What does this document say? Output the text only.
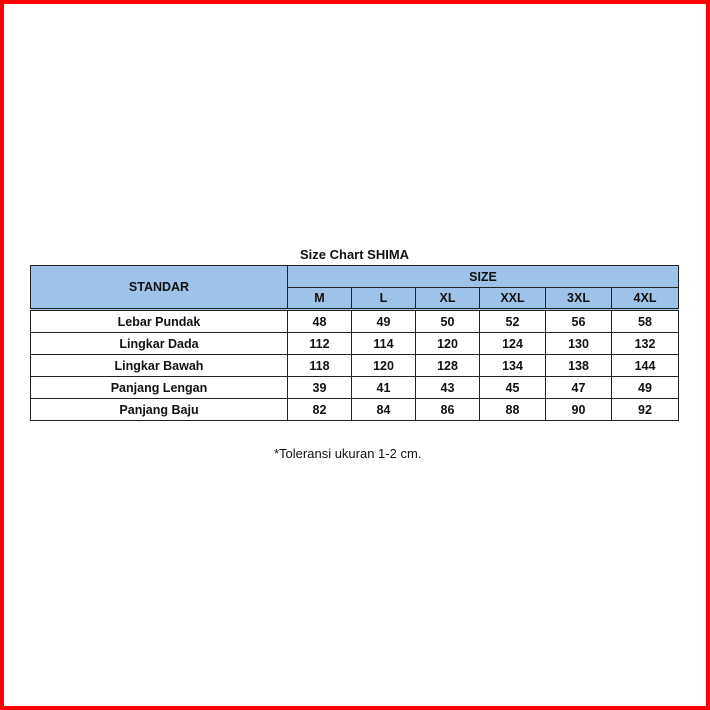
Size Chart SHIMA
STANDAR	SIZE					
	M	L	XL	XXL	3XL	4XL
Lebar Pundak	48	49	50	52	56	58
Lingkar Dada	112	114	120	124	130	132
Lingkar Bawah	118	120	128	134	138	144
Panjang Lengan	39	41	43	45	47	49
Panjang Baju	82	84	86	88	90	92
*Toleransi ukuran 1-2 cm.
